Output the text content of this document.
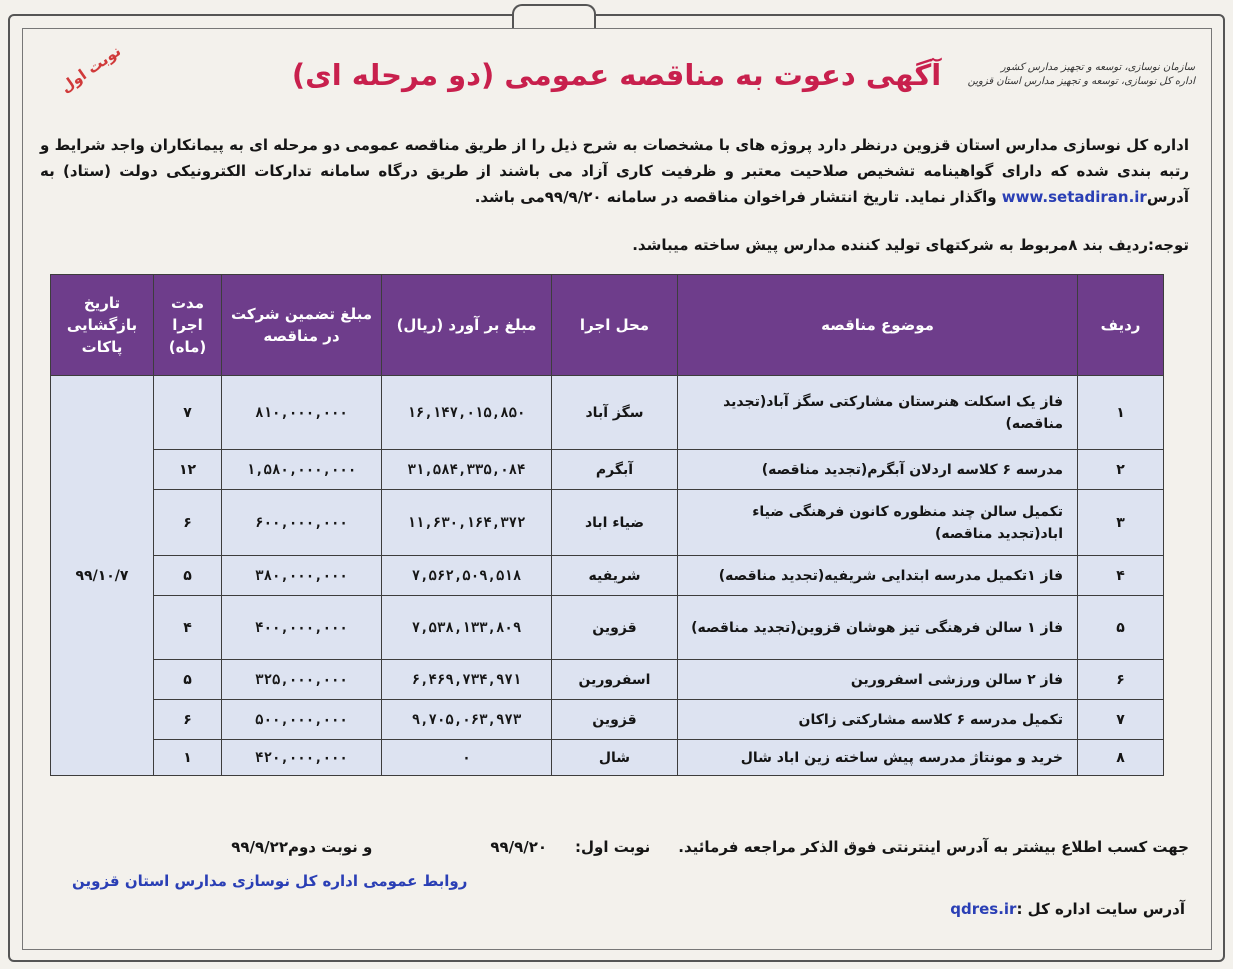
سازمان نوسازی، توسعه و تجهیز مدارس کشور
اداره کل نوسازی، توسعه و تجهیز مدارس استان قزوین
نوبت اول	آگهی دعوت به مناقصه عمومی (دو مرحله ای)
اداره کل نوسازی مدارس استان قزوین درنظر دارد پروژه های با مشخصات به شرح ذیل را از طریق مناقصه عمومی دو مرحله ای به پیمانکاران واجد شرایط و رتبه بندی شده که دارای گواهینامه تشخیص صلاحیت معتبر و ظرفیت کاری آزاد می باشند از طریق درگاه سامانه تدارکات الکترونیکی دولت (ستاد) به آدرسwww.setadiran.ir واگذار نماید. تاریخ انتشار فراخوان مناقصه در سامانه ۹۹/۹/۲۰می باشد.
توجه:ردیف بند ۸مربوط به شرکتهای تولید کننده مدارس پیش ساخته میباشد.
ردیف	موضوع مناقصه	محل اجرا	مبلغ بر آورد (ریال)	مبلغ تضمین شرکت در مناقصه	مدت اجرا (ماه)	تاریخ بازگشایی پاکات
۱	فاز یک اسکلت هنرستان مشارکتی سگز آباد(تجدید مناقصه)	سگز آباد	۱۶,۱۴۷,۰۱۵,۸۵۰	۸۱۰,۰۰۰,۰۰۰	۷	۹۹/۱۰/۷
۲	مدرسه ۶ کلاسه اردلان آبگرم(تجدید مناقصه)	آبگرم	۳۱,۵۸۴,۳۳۵,۰۸۴	۱,۵۸۰,۰۰۰,۰۰۰	۱۲	
۳	تکمیل سالن چند منظوره کانون فرهنگی ضیاء اباد(تجدید مناقصه)	ضیاء اباد	۱۱,۶۳۰,۱۶۴,۳۷۲	۶۰۰,۰۰۰,۰۰۰	۶	
۴	فاز ۱تکمیل مدرسه ابتدایی شریفیه(تجدید مناقصه)	شریفیه	۷,۵۶۲,۵۰۹,۵۱۸	۳۸۰,۰۰۰,۰۰۰	۵	
۵	فاز ۱ سالن فرهنگی تیز هوشان قزوین(تجدید مناقصه)	قزوین	۷,۵۳۸,۱۳۳,۸۰۹	۴۰۰,۰۰۰,۰۰۰	۴	
۶	فاز ۲ سالن ورزشی اسفرورین	اسفرورین	۶,۴۶۹,۷۳۴,۹۷۱	۳۲۵,۰۰۰,۰۰۰	۵	
۷	تکمیل مدرسه ۶ کلاسه مشارکتی زاکان	قزوین	۹,۷۰۵,۰۶۳,۹۷۳	۵۰۰,۰۰۰,۰۰۰	۶	
۸	خرید و مونتاژ مدرسه پیش ساخته زین اباد شال	شال	۰	۴۲۰,۰۰۰,۰۰۰	۱	
جهت کسب اطلاع بیشتر به آدرس اینترنتی فوق الذکر مراجعه فرمائید.
نوبت اول:
۹۹/۹/۲۰
و نوبت دوم۹۹/۹/۲۲
روابط عمومی اداره کل نوسازی مدارس استان قزوین
آدرس سایت اداره کل :qdres.ir
